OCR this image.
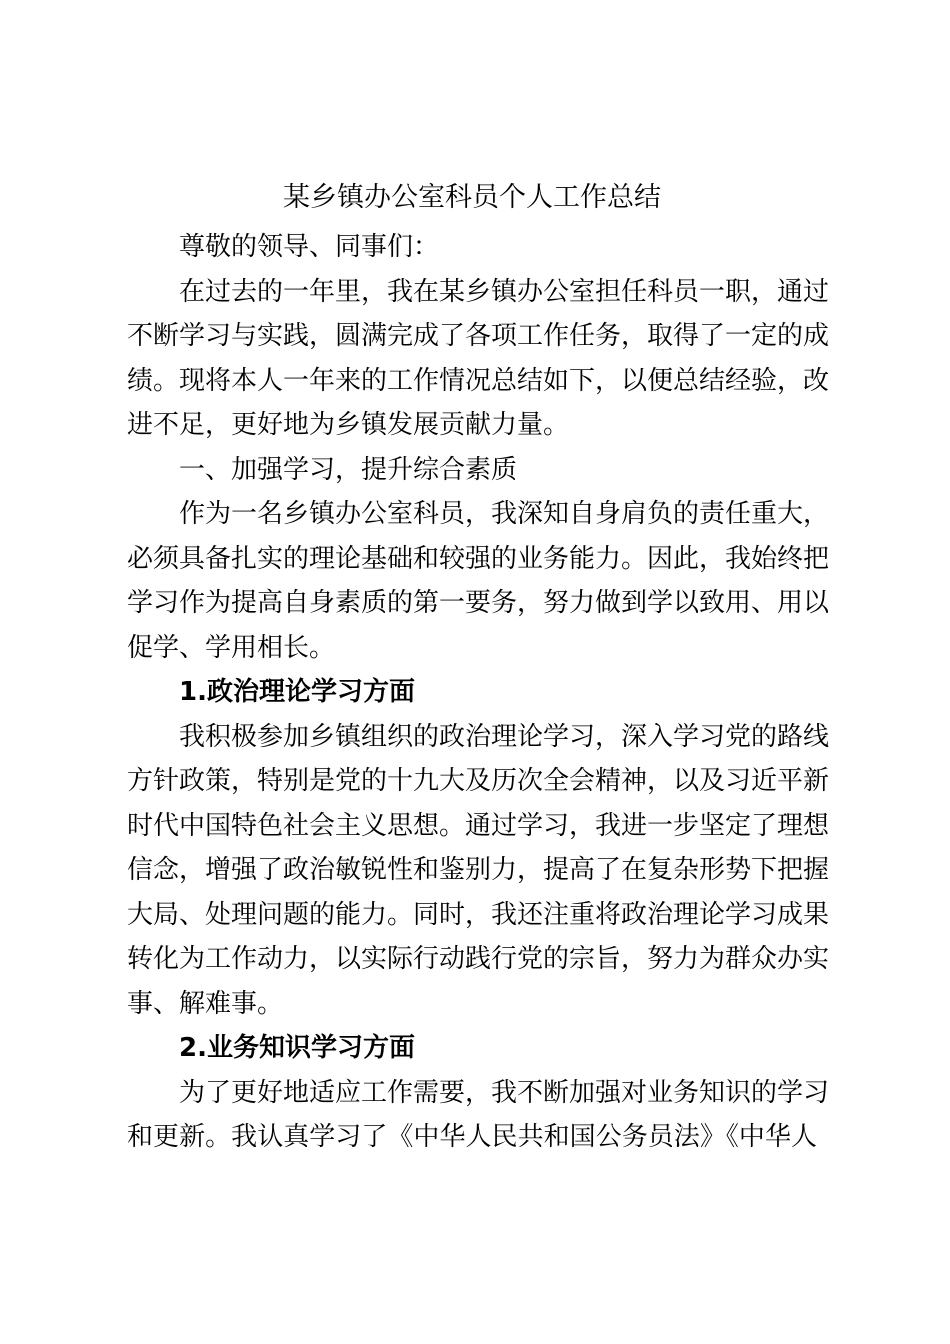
某乡镇办公室科员个人工作总结
尊敬的领导、同事们：
在过去的一年里，我在某乡镇办公室担任科员一职，通过
不断学习与实践，圆满完成了各项工作任务，取得了一定的成
绩。现将本人一年来的工作情况总结如下，以便总结经验，改
进不足，更好地为乡镇发展贡献力量。
一、加强学习，提升综合素质
作为一名乡镇办公室科员，我深知自身肩负的责任重大，
必须具备扎实的理论基础和较强的业务能力。因此，我始终把
学习作为提高自身素质的第一要务，努力做到学以致用、用以
促学、学用相长。
1.政治理论学习方面
我积极参加乡镇组织的政治理论学习，深入学习党的路线
方针政策，特别是党的十九大及历次全会精神，以及习近平新
时代中国特色社会主义思想。通过学习，我进一步坚定了理想
信念，增强了政治敏锐性和鉴别力，提高了在复杂形势下把握
大局、处理问题的能力。同时，我还注重将政治理论学习成果
转化为工作动力，以实际行动践行党的宗旨，努力为群众办实
事、解难事。
2.业务知识学习方面
为了更好地适应工作需要，我不断加强对业务知识的学习
和更新。我认真学习了《中华人民共和国公务员法》《中华人
